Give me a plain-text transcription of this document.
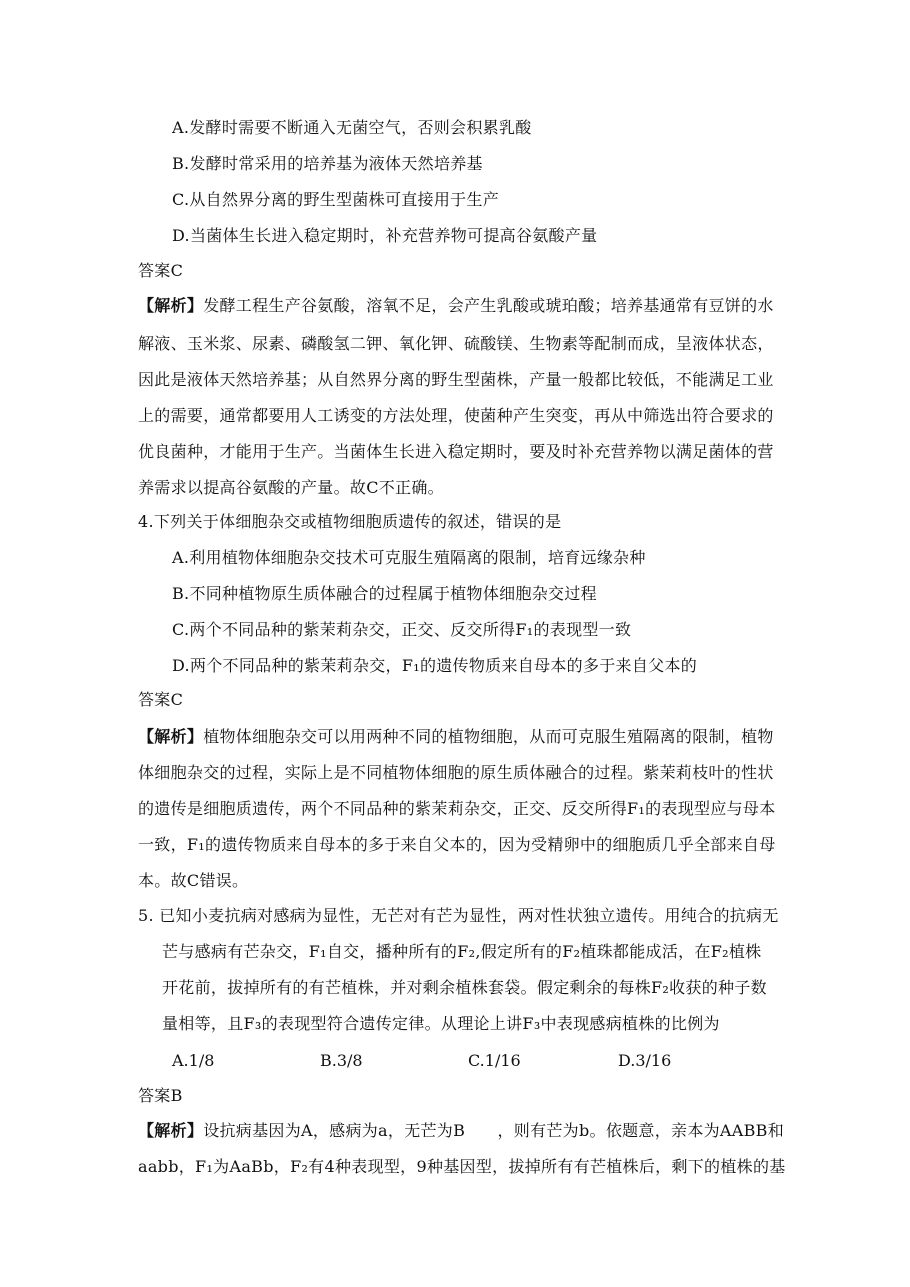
A.发酵时需要不断通入无菌空气，否则会积累乳酸
B.发酵时常采用的培养基为液体天然培养基
C.从自然界分离的野生型菌株可直接用于生产
D.当菌体生长进入稳定期时，补充营养物可提高谷氨酸产量
答案C
【解析】发酵工程生产谷氨酸，溶氧不足，会产生乳酸或琥珀酸；培养基通常有豆饼的水
解液、玉米浆、尿素、磷酸氢二钾、氧化钾、硫酸镁、生物素等配制而成，呈液体状态，
因此是液体天然培养基；从自然界分离的野生型菌株，产量一般都比较低，不能满足工业
上的需要，通常都要用人工诱变的方法处理，使菌种产生突变，再从中筛选出符合要求的
优良菌种，才能用于生产。当菌体生长进入稳定期时，要及时补充营养物以满足菌体的营
养需求以提高谷氨酸的产量。故C不正确。
4.下列关于体细胞杂交或植物细胞质遗传的叙述，错误的是
A.利用植物体细胞杂交技术可克服生殖隔离的限制，培育远缘杂种
B.不同种植物原生质体融合的过程属于植物体细胞杂交过程
C.两个不同品种的紫茉莉杂交，正交、反交所得F₁的表现型一致
D.两个不同品种的紫茉莉杂交，F₁的遗传物质来自母本的多于来自父本的
答案C
【解析】植物体细胞杂交可以用两种不同的植物细胞，从而可克服生殖隔离的限制，植物
体细胞杂交的过程，实际上是不同植物体细胞的原生质体融合的过程。紫茉莉枝叶的性状
的遗传是细胞质遗传，两个不同品种的紫茉莉杂交，正交、反交所得F₁的表现型应与母本
一致，F₁的遗传物质来自母本的多于来自父本的，因为受精卵中的细胞质几乎全部来自母
本。故C错误。
5. 已知小麦抗病对感病为显性，无芒对有芒为显性，两对性状独立遗传。用纯合的抗病无
芒与感病有芒杂交，F₁自交，播种所有的F₂,假定所有的F₂植珠都能成活，在F₂植株
开花前，拔掉所有的有芒植株，并对剩余植株套袋。假定剩余的每株F₂收获的种子数
量相等，且F₃的表现型符合遗传定律。从理论上讲F₃中表现感病植株的比例为
A.1/8	B.3/8	C.1/16	D.3/16
答案B
【解析】设抗病基因为A，感病为a，无芒为B      ，则有芒为b。依题意，亲本为AABB和
aabb，F₁为AaBb，F₂有4种表现型，9种基因型，拔掉所有有芒植株后，剩下的植株的基
